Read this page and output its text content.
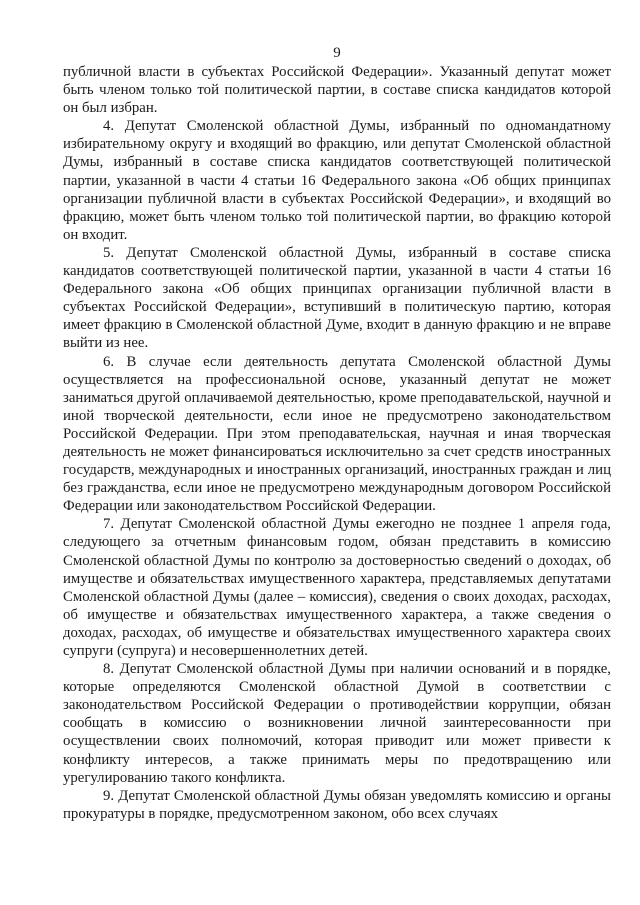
9

публичной власти в субъектах Российской Федерации». Указанный депутат может быть членом только той политической партии, в составе списка кандидатов которой он был избран.

4. Депутат Смоленской областной Думы, избранный по одномандатному избирательному округу и входящий во фракцию, или депутат Смоленской областной Думы, избранный в составе списка кандидатов соответствующей политической партии, указанной в части 4 статьи 16 Федерального закона «Об общих принципах организации публичной власти в субъектах Российской Федерации», и входящий во фракцию, может быть членом только той политической партии, во фракцию которой он входит.

5. Депутат Смоленской областной Думы, избранный в составе списка кандидатов соответствующей политической партии, указанной в части 4 статьи 16 Федерального закона «Об общих принципах организации публичной власти в субъектах Российской Федерации», вступивший в политическую партию, которая имеет фракцию в Смоленской областной Думе, входит в данную фракцию и не вправе выйти из нее.

6. В случае если деятельность депутата Смоленской областной Думы осуществляется на профессиональной основе, указанный депутат не может заниматься другой оплачиваемой деятельностью, кроме преподавательской, научной и иной творческой деятельности, если иное не предусмотрено законодательством Российской Федерации. При этом преподавательская, научная и иная творческая деятельность не может финансироваться исключительно за счет средств иностранных государств, международных и иностранных организаций, иностранных граждан и лиц без гражданства, если иное не предусмотрено международным договором Российской Федерации или законодательством Российской Федерации.

7. Депутат Смоленской областной Думы ежегодно не позднее 1 апреля года, следующего за отчетным финансовым годом, обязан представить в комиссию Смоленской областной Думы по контролю за достоверностью сведений о доходах, об имуществе и обязательствах имущественного характера, представляемых депутатами Смоленской областной Думы (далее – комиссия), сведения о своих доходах, расходах, об имуществе и обязательствах имущественного характера, а также сведения о доходах, расходах, об имуществе и обязательствах имущественного характера своих супруги (супруга) и несовершеннолетних детей.

8. Депутат Смоленской областной Думы при наличии оснований и в порядке, которые определяются Смоленской областной Думой в соответствии с законодательством Российской Федерации о противодействии коррупции, обязан сообщать в комиссию о возникновении личной заинтересованности при осуществлении своих полномочий, которая приводит или может привести к конфликту интересов, а также принимать меры по предотвращению или урегулированию такого конфликта.

9. Депутат Смоленской областной Думы обязан уведомлять комиссию и органы прокуратуры в порядке, предусмотренном законом, обо всех случаях
